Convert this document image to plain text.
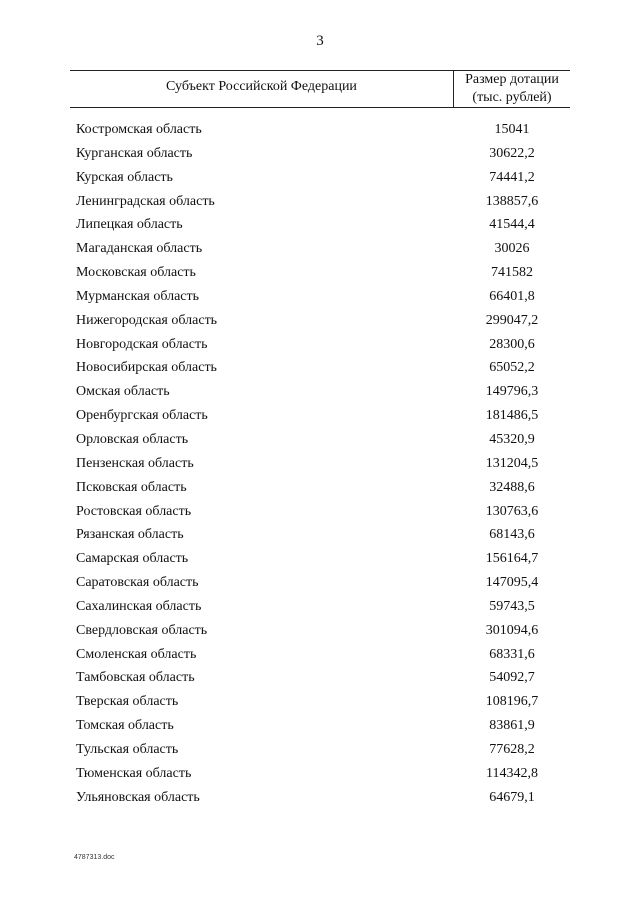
3
Субъект Российской Федерации	Размер дотации
(тыс. рублей)
Костромская область	15041
Курганская область	30622,2
Курская область	74441,2
Ленинградская область	138857,6
Липецкая область	41544,4
Магаданская область	30026
Московская область	741582
Мурманская область	66401,8
Нижегородская область	299047,2
Новгородская область	28300,6
Новосибирская область	65052,2
Омская область	149796,3
Оренбургская область	181486,5
Орловская область	45320,9
Пензенская область	131204,5
Псковская область	32488,6
Ростовская область	130763,6
Рязанская область	68143,6
Самарская область	156164,7
Саратовская область	147095,4
Сахалинская область	59743,5
Свердловская область	301094,6
Смоленская область	68331,6
Тамбовская область	54092,7
Тверская область	108196,7
Томская область	83861,9
Тульская область	77628,2
Тюменская область	114342,8
Ульяновская область	64679,1
4787313.doc
